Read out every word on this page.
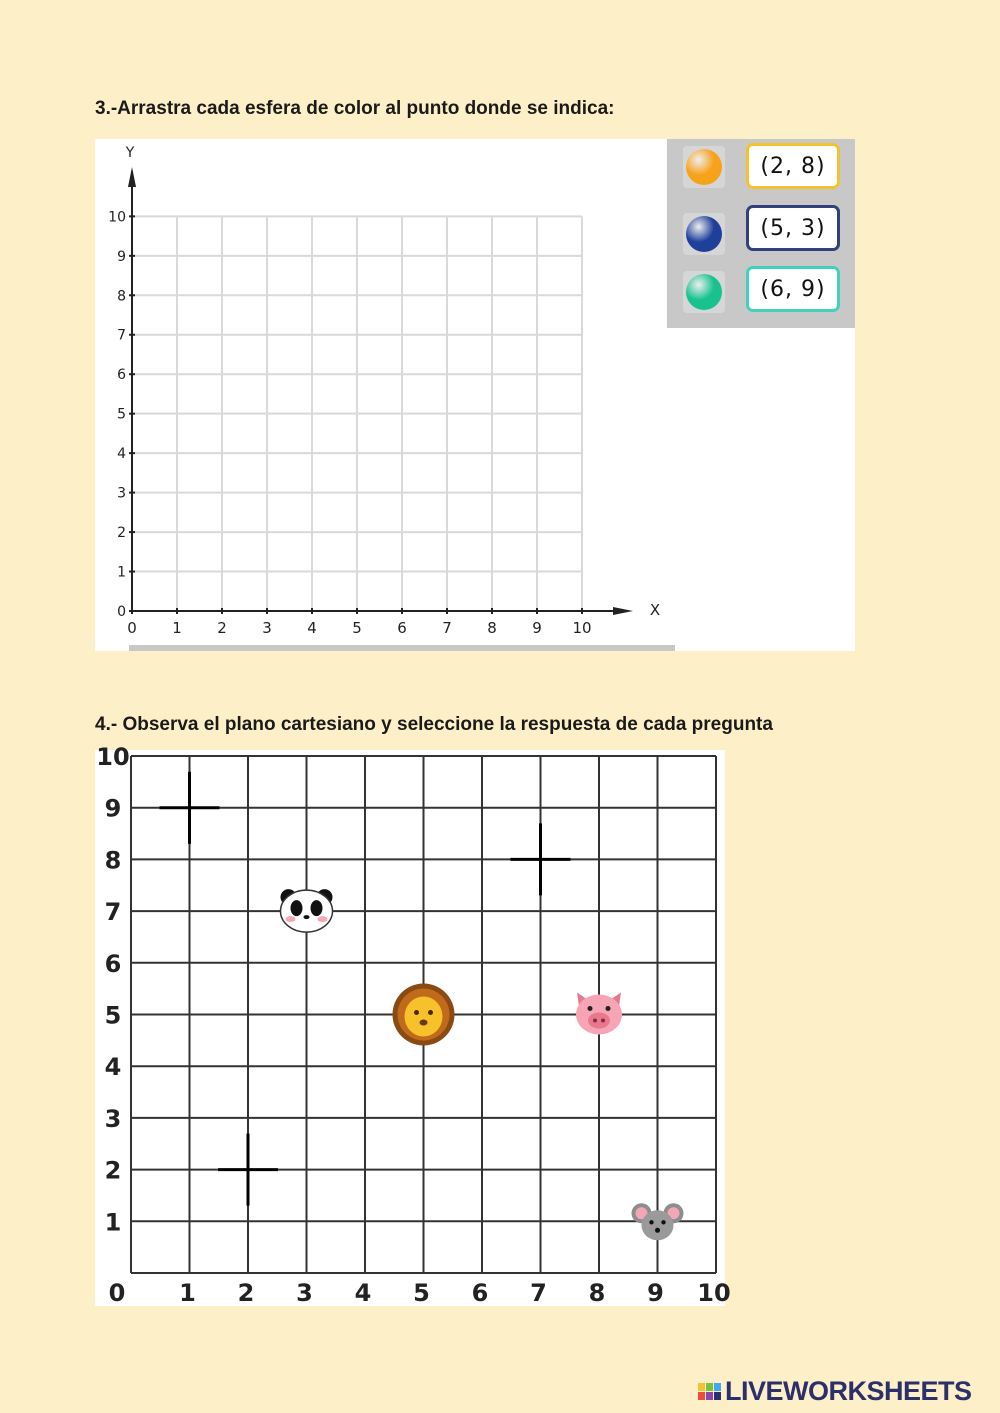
3.-Arrastra cada esfera de color al punto donde se indica:
0 1 2 3 4 5 6 7 8 9 10
0
1
2
3
4
5
6
7
8
9
10
X
Y
(2, 8)
(5, 3)
(6, 9)
4.- Observa el plano cartesiano y seleccione la respuesta de cada pregunta
0 1 2 3 4 5 6 7 8 9 10
1
2
3
4
5
6
7
8
9
10
LIVEWORKSHEETS
